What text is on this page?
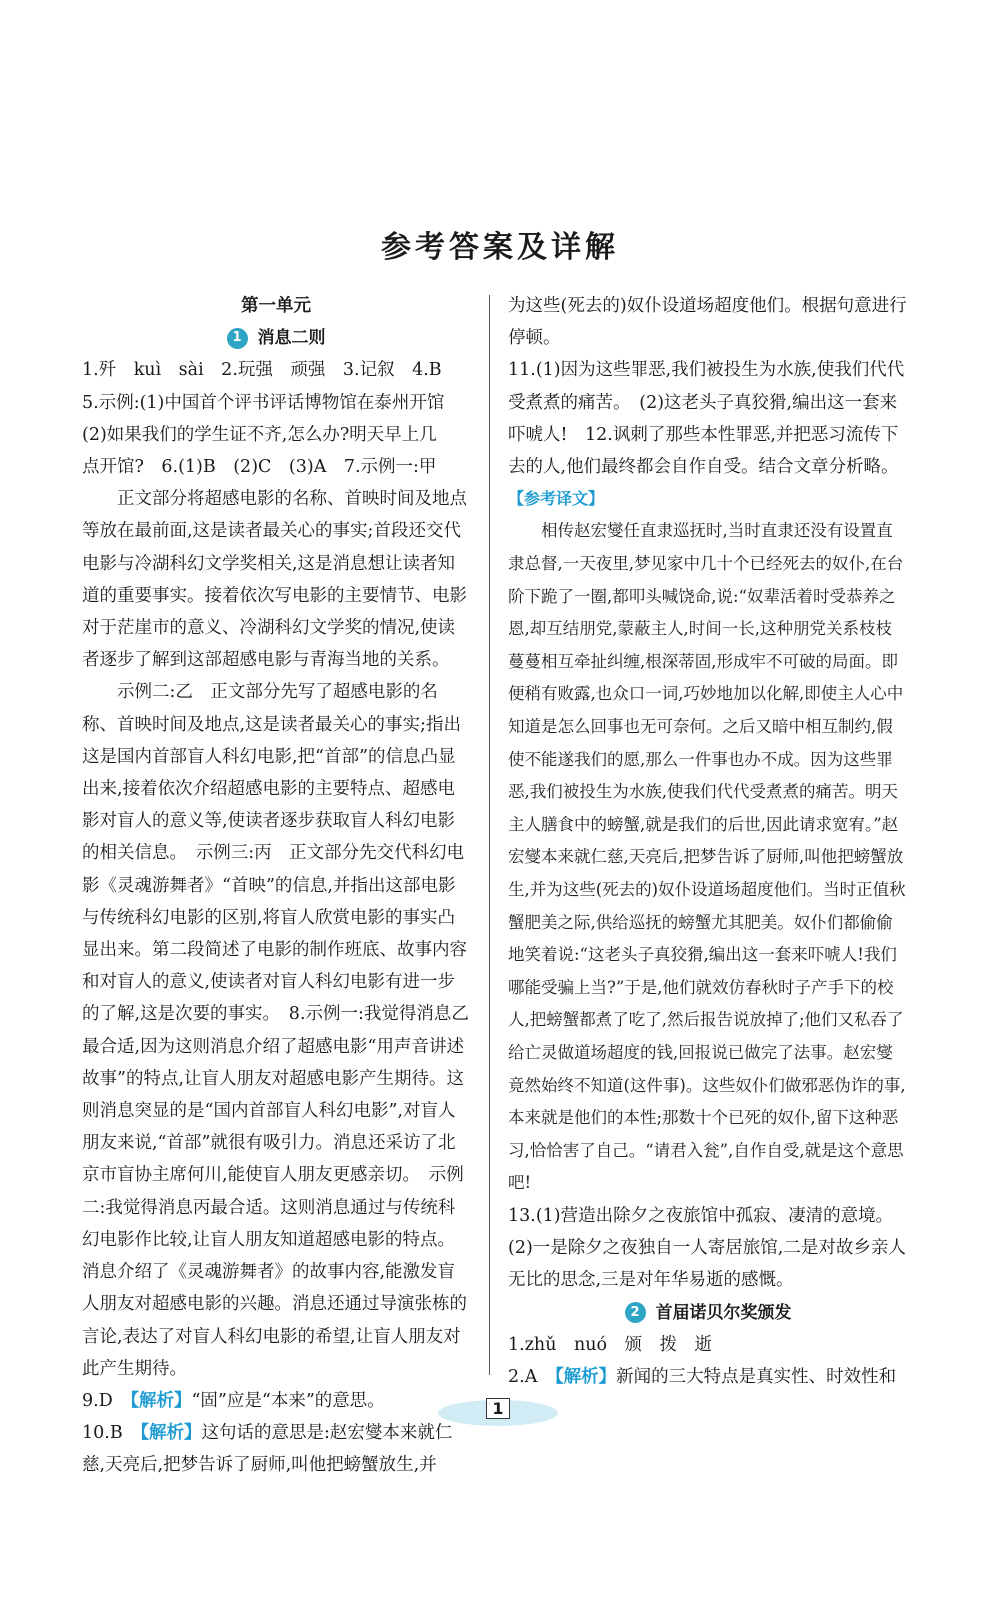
参考答案及详解

第一单元

1 消息二则

1.歼　kuì　sài　2.玩强　顽强　3.记叙　4.B

5.示例:(1)中国首个评书评话博物馆在泰州开馆

(2)如果我们的学生证不齐,怎么办?明天早上几

点开馆?　6.(1)B　(2)C　(3)A　7.示例一:甲

正文部分将超感电影的名称、首映时间及地点等放在最前面,这是读者最关心的事实;首段还交代电影与冷湖科幻文学奖相关,这是消息想让读者知道的重要事实。接着依次写电影的主要情节、电影对于茫崖市的意义、冷湖科幻文学奖的情况,使读者逐步了解到这部超感电影与青海当地的关系。

示例二:乙　正文部分先写了超感电影的名称、首映时间及地点,这是读者最关心的事实;指出这是国内首部盲人科幻电影,把“首部”的信息凸显出来,接着依次介绍超感电影的主要特点、超感电影对盲人的意义等,使读者逐步获取盲人科幻电影的相关信息。　示例三:丙　正文部分先交代科幻电影《灵魂游舞者》“首映”的信息,并指出这部电影与传统科幻电影的区别,将盲人欣赏电影的事实凸显出来。第二段简述了电影的制作班底、故事内容和对盲人的意义,使读者对盲人科幻电影有进一步的了解,这是次要的事实。　8.示例一:我觉得消息乙最合适,因为这则消息介绍了超感电影“用声音讲述故事”的特点,让盲人朋友对超感电影产生期待。这则消息突显的是“国内首部盲人科幻电影”,对盲人朋友来说,“首部”就很有吸引力。消息还采访了北京市盲协主席何川,能使盲人朋友更感亲切。　示例二:我觉得消息丙最合适。这则消息通过与传统科幻电影作比较,让盲人朋友知道超感电影的特点。消息介绍了《灵魂游舞者》的故事内容,能激发盲人朋友对超感电影的兴趣。消息还通过导演张栋的言论,表达了对盲人科幻电影的希望,让盲人朋友对此产生期待。

9.D　【解析】“固”应是“本来”的意思。

10.B　【解析】这句话的意思是:赵宏燮本来就仁慈,天亮后,把梦告诉了厨师,叫他把螃蟹放生,并

为这些(死去的)奴仆设道场超度他们。根据句意进行停顿。

11.(1)因为这些罪恶,我们被投生为水族,使我们代代受煮煮的痛苦。　(2)这老头子真狡猾,编出这一套来吓唬人!　12.讽刺了那些本性罪恶,并把恶习流传下去的人,他们最终都会自作自受。结合文章分析略。

【参考译文】

相传赵宏燮任直隶巡抚时,当时直隶还没有设置直隶总督,一天夜里,梦见家中几十个已经死去的奴仆,在台阶下跪了一圈,都叩头喊饶命,说:“奴辈活着时受恭养之恩,却互结朋党,蒙蔽主人,时间一长,这种朋党关系枝枝蔓蔓相互牵扯纠缠,根深蒂固,形成牢不可破的局面。即便稍有败露,也众口一词,巧妙地加以化解,即使主人心中知道是怎么回事也无可奈何。之后又暗中相互制约,假使不能遂我们的愿,那么一件事也办不成。因为这些罪恶,我们被投生为水族,使我们代代受煮煮的痛苦。明天主人膳食中的螃蟹,就是我们的后世,因此请求宽宥。”赵宏燮本来就仁慈,天亮后,把梦告诉了厨师,叫他把螃蟹放生,并为这些(死去的)奴仆设道场超度他们。当时正值秋蟹肥美之际,供给巡抚的螃蟹尤其肥美。奴仆们都偷偷地笑着说:“这老头子真狡猾,编出这一套来吓唬人!我们哪能受骗上当?”于是,他们就效仿春秋时子产手下的校人,把螃蟹都煮了吃了,然后报告说放掉了;他们又私吞了给亡灵做道场超度的钱,回报说已做完了法事。赵宏燮竟然始终不知道(这件事)。这些奴仆们做邪恶伪诈的事,本来就是他们的本性;那数十个已死的奴仆,留下这种恶习,恰恰害了自己。“请君入瓮”,自作自受,就是这个意思吧!

13.(1)营造出除夕之夜旅馆中孤寂、凄清的意境。(2)一是除夕之夜独自一人寄居旅馆,二是对故乡亲人无比的思念,三是对年华易逝的感慨。

2 首届诺贝尔奖颁发

1.zhǔ　nuó　颁　拨　逝

2.A　【解析】新闻的三大特点是真实性、时效性和

1
